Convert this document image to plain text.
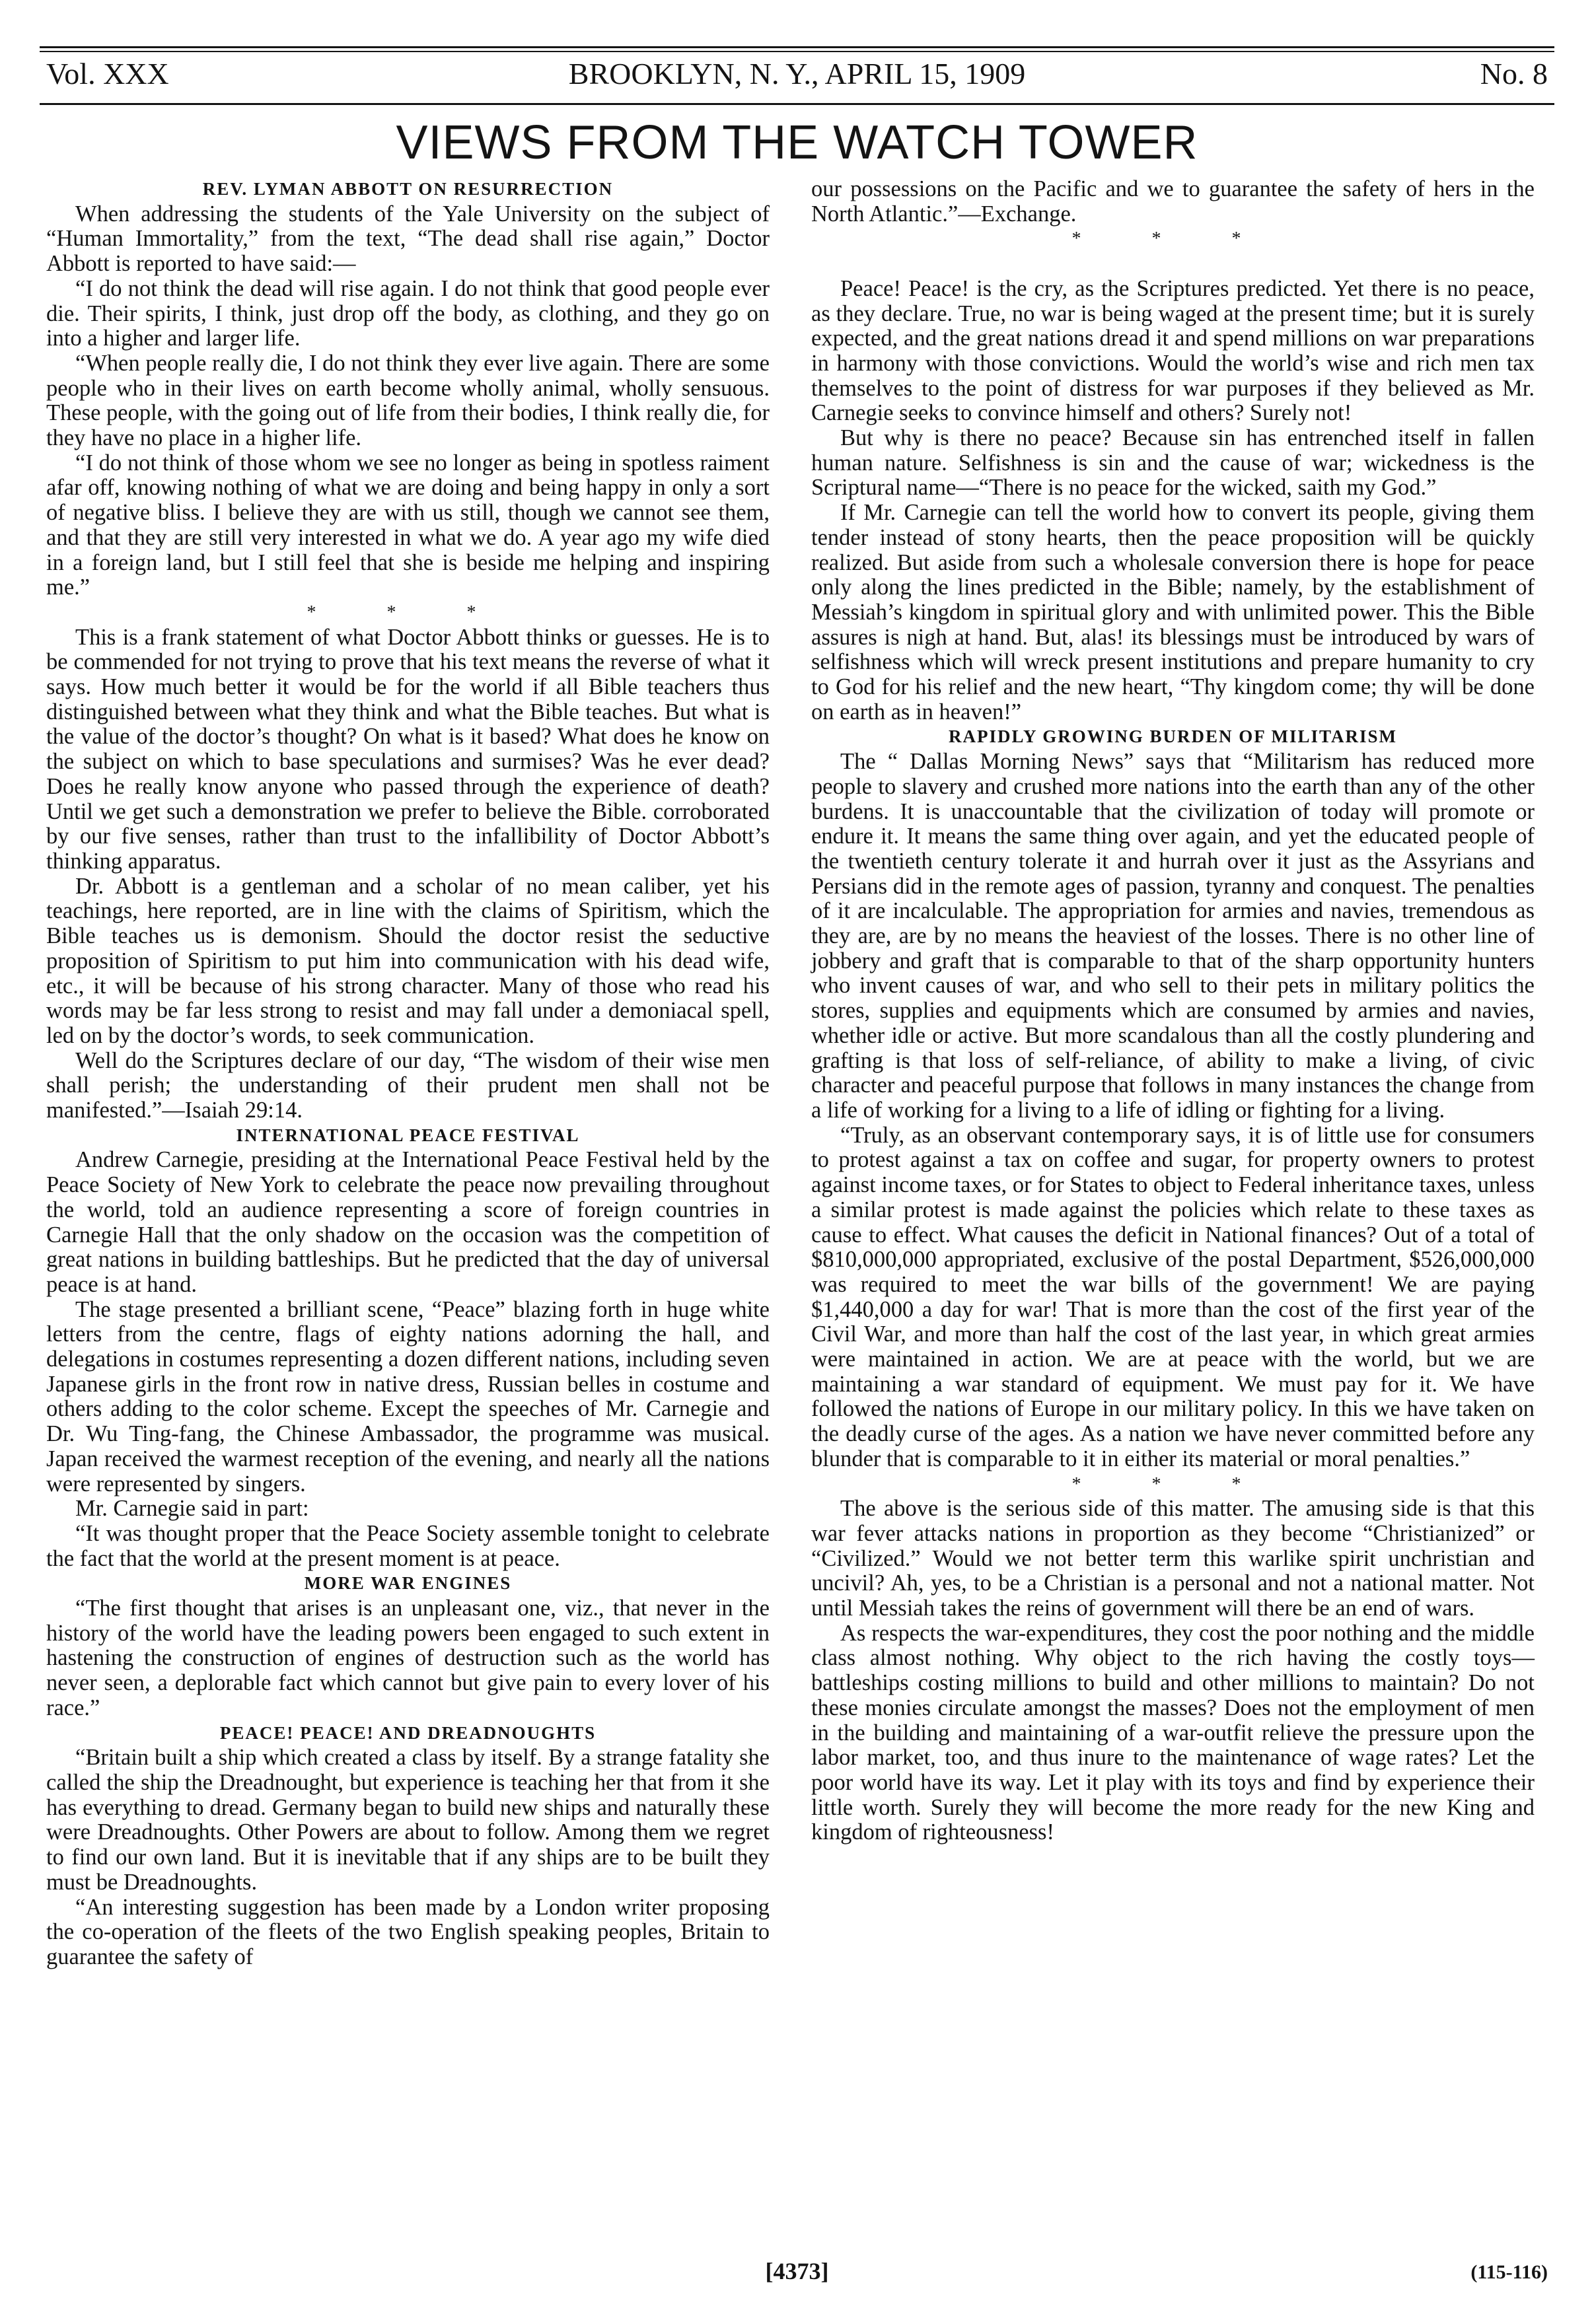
Vol. XXX	BROOKLYN, N. Y., APRIL 15, 1909	No. 8
VIEWS FROM THE WATCH TOWER
REV. LYMAN ABBOTT ON RESURRECTION

When addressing the students of the Yale University on the subject of “Human Immortality,” from the text, “The dead shall rise again,” Doctor Abbott is reported to have said:—

“I do not think the dead will rise again. I do not think that good people ever die. Their spirits, I think, just drop off the body, as clothing, and they go on into a higher and larger life.

“When people really die, I do not think they ever live again. There are some people who in their lives on earth become wholly animal, wholly sensuous. These people, with the going out of life from their bodies, I think really die, for they have no place in a higher life.

“I do not think of those whom we see no longer as being in spotless raiment afar off, knowing nothing of what we are doing and being happy in only a sort of negative bliss. I believe they are with us still, though we cannot see them, and that they are still very interested in what we do. A year ago my wife died in a foreign land, but I still feel that she is beside me helping and inspiring me.”

* * *

This is a frank statement of what Doctor Abbott thinks or guesses. He is to be commended for not trying to prove that his text means the reverse of what it says. How much better it would be for the world if all Bible teachers thus distinguished between what they think and what the Bible teaches. But what is the value of the doctor’s thought? On what is it based? What does he know on the subject on which to base speculations and surmises? Was he ever dead? Does he really know anyone who passed through the experience of death? Until we get such a demonstration we prefer to believe the Bible. corroborated by our five senses, rather than trust to the infallibility of Doctor Abbott’s thinking apparatus.

Dr. Abbott is a gentleman and a scholar of no mean caliber, yet his teachings, here reported, are in line with the claims of Spiritism, which the Bible teaches us is demonism. Should the doctor resist the seductive proposition of Spiritism to put him into communication with his dead wife, etc., it will be because of his strong character. Many of those who read his words may be far less strong to resist and may fall under a demoniacal spell, led on by the doctor’s words, to seek communication.

Well do the Scriptures declare of our day, “The wisdom of their wise men shall perish; the understanding of their prudent men shall not be manifested.”—Isaiah 29:14.

INTERNATIONAL PEACE FESTIVAL

Andrew Carnegie, presiding at the International Peace Festival held by the Peace Society of New York to celebrate the peace now prevailing throughout the world, told an audience representing a score of foreign countries in Carnegie Hall that the only shadow on the occasion was the competition of great nations in building battleships. But he predicted that the day of universal peace is at hand.

The stage presented a brilliant scene, “Peace” blazing forth in huge white letters from the centre, flags of eighty nations adorning the hall, and delegations in costumes representing a dozen different nations, including seven Japanese girls in the front row in native dress, Russian belles in costume and others adding to the color scheme. Except the speeches of Mr. Carnegie and Dr. Wu Ting-fang, the Chinese Ambassador, the programme was musical. Japan received the warmest reception of the evening, and nearly all the nations were represented by singers.

Mr. Carnegie said in part:

“It was thought proper that the Peace Society assemble tonight to celebrate the fact that the world at the present moment is at peace.

MORE WAR ENGINES

“The first thought that arises is an unpleasant one, viz., that never in the history of the world have the leading powers been engaged to such extent in hastening the construction of engines of destruction such as the world has never seen, a deplorable fact which cannot but give pain to every lover of his race.”

PEACE! PEACE! AND DREADNOUGHTS

“Britain built a ship which created a class by itself. By a strange fatality she called the ship the Dreadnought, but experience is teaching her that from it she has everything to dread. Germany began to build new ships and naturally these were Dreadnoughts. Other Powers are about to follow. Among them we regret to find our own land. But it is inevitable that if any ships are to be built they must be Dreadnoughts.

“An interesting suggestion has been made by a London writer proposing the co-operation of the fleets of the two English speaking peoples, Britain to guarantee the safety of

our possessions on the Pacific and we to guarantee the safety of hers in the North Atlantic.”—Exchange.

* * *

Peace! Peace! is the cry, as the Scriptures predicted. Yet there is no peace, as they declare. True, no war is being waged at the present time; but it is surely expected, and the great nations dread it and spend millions on war preparations in harmony with those convictions. Would the world’s wise and rich men tax themselves to the point of distress for war purposes if they believed as Mr. Carnegie seeks to convince himself and others? Surely not!

But why is there no peace? Because sin has entrenched itself in fallen human nature. Selfishness is sin and the cause of war; wickedness is the Scriptural name—“There is no peace for the wicked, saith my God.”

If Mr. Carnegie can tell the world how to convert its people, giving them tender instead of stony hearts, then the peace proposition will be quickly realized. But aside from such a wholesale conversion there is hope for peace only along the lines predicted in the Bible; namely, by the establishment of Messiah’s kingdom in spiritual glory and with unlimited power. This the Bible assures is nigh at hand. But, alas! its blessings must be introduced by wars of selfishness which will wreck present institutions and prepare humanity to cry to God for his relief and the new heart, “Thy kingdom come; thy will be done on earth as in heaven!”

RAPIDLY GROWING BURDEN OF MILITARISM

The “ Dallas Morning News” says that “Militarism has reduced more people to slavery and crushed more nations into the earth than any of the other burdens. It is unaccountable that the civilization of today will promote or endure it. It means the same thing over again, and yet the educated people of the twentieth century tolerate it and hurrah over it just as the Assyrians and Persians did in the remote ages of passion, tyranny and conquest. The penalties of it are incalculable. The appropriation for armies and navies, tremendous as they are, are by no means the heaviest of the losses. There is no other line of jobbery and graft that is comparable to that of the sharp opportunity hunters who invent causes of war, and who sell to their pets in military politics the stores, supplies and equipments which are consumed by armies and navies, whether idle or active. But more scandalous than all the costly plundering and grafting is that loss of self-reliance, of ability to make a living, of civic character and peaceful purpose that follows in many instances the change from a life of working for a living to a life of idling or fighting for a living.

“Truly, as an observant contemporary says, it is of little use for consumers to protest against a tax on coffee and sugar, for property owners to protest against income taxes, or for States to object to Federal inheritance taxes, unless a similar protest is made against the policies which relate to these taxes as cause to effect. What causes the deficit in National finances? Out of a total of $810,000,000 appropriated, exclusive of the postal Department, $526,000,000 was required to meet the war bills of the government! We are paying $1,440,000 a day for war! That is more than the cost of the first year of the Civil War, and more than half the cost of the last year, in which great armies were maintained in action. We are at peace with the world, but we are maintaining a war standard of equipment. We must pay for it. We have followed the nations of Europe in our military policy. In this we have taken on the deadly curse of the ages. As a nation we have never committed before any blunder that is comparable to it in either its material or moral penalties.”

* * *

The above is the serious side of this matter. The amusing side is that this war fever attacks nations in proportion as they become “Christianized” or “Civilized.” Would we not better term this warlike spirit unchristian and uncivil? Ah, yes, to be a Christian is a personal and not a national matter. Not until Messiah takes the reins of government will there be an end of wars.

As respects the war-expenditures, they cost the poor nothing and the middle class almost nothing. Why object to the rich having the costly toys—battleships costing millions to build and other millions to maintain? Do not these monies circulate amongst the masses? Does not the employment of men in the building and maintaining of a war-outfit relieve the pressure upon the labor market, too, and thus inure to the maintenance of wage rates? Let the poor world have its way. Let it play with its toys and find by experience their little worth. Surely they will become the more ready for the new King and kingdom of righteousness!

[4373]	(115-116)
